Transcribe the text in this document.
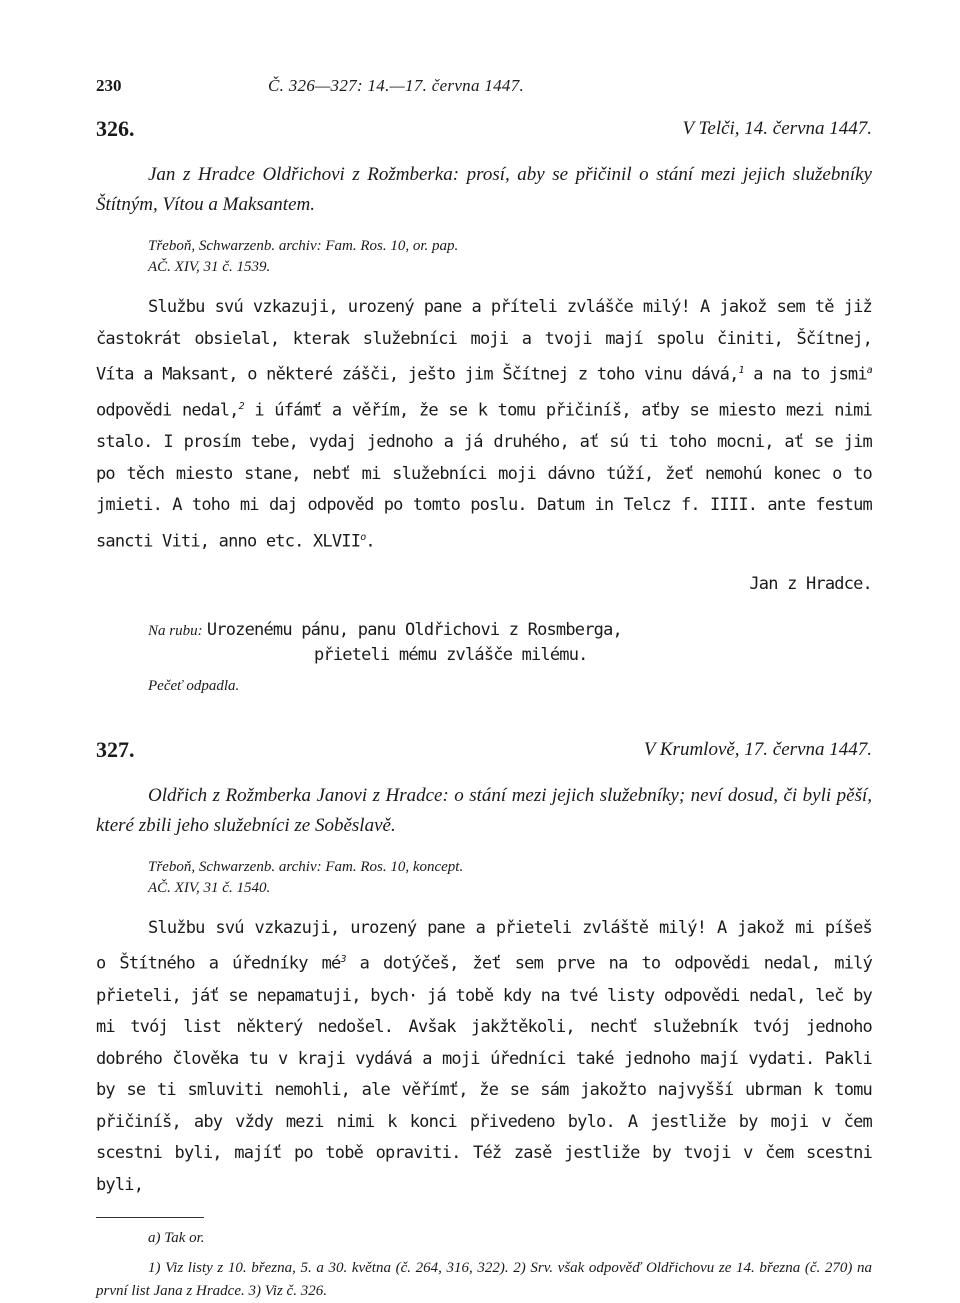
230	Č. 326—327: 14.—17. června 1447.
326.	V Telči, 14. června 1447.

Jan z Hradce Oldřichovi z Rožmberka: prosí, aby se přičinil o stání mezi jejich služebníky Štítným, Vítou a Maksantem.

Třeboň, Schwarzenb. archiv: Fam. Ros. 10, or. pap.
AČ. XIV, 31 č. 1539.

Službu svú vzkazuji, urozený pane a příteli zvlášče milý! A jakož sem tě již častokrát obsielal, kterak služebníci moji a tvoji mají spolu činiti, Ščítnej, Víta a Maksant, o některé zášči, ješto jim Ščítnej z toho vinu dává,$^1$ a na to jsmi$^a$ odpovědi nedal,$^2$ i úfámť a věřím, že se k tomu přičiníš, aťby se miesto mezi nimi stalo. I prosím tebe, vydaj jednoho a já druhého, ať sú ti toho mocni, ať se jim po těch miesto stane, nebť mi služebníci moji dávno túží, žeť nemohú konec o to jmieti. A toho mi daj odpověd po tomto poslu. Datum in Telcz f. IIII. ante festum sancti Viti, anno etc. XLVII$^o$.

Jan z Hradce.
Na rubu: Urozenému pánu, panu Oldřichovi z Rosmberga,
přieteli mému zvlášče milému.
Pečeť odpadla.
327.	V Krumlově, 17. června 1447.

Oldřich z Rožmberka Janovi z Hradce: o stání mezi jejich služebníky; neví dosud, či byli pěší, které zbili jeho služebníci ze Soběslavě.

Třeboň, Schwarzenb. archiv: Fam. Ros. 10, koncept.
AČ. XIV, 31 č. 1540.

Službu svú vzkazuji, urozený pane a přieteli zvláště milý! A jakož mi píšeš o Štítného a úředníky $mé^3$ a dotýčeš, žeť sem prve na to odpovědi nedal, milý přieteli, jáť se nepamatuji, bych· já tobě kdy na tvé listy odpovědi nedal, leč by mi tvój list některý nedošel. Avšak jakžtěkoli, nechť služebník tvój jednoho dobrého člověka tu v kraji vydává a moji úředníci také jednoho mají vydati. Pakli by se ti smluviti nemohli, ale věřímť, že se sám jakožto najvyšší ubrman k tomu přičiníš, aby vždy mezi nimi k konci přivedeno bylo. A jestliže by moji v čem scestni byli, majíť po tobě opraviti. Též zasě jestliže by tvoji v čem scestni byli,

a) Tak or.

1) Viz listy z 10. března, 5. a 30. května (č. 264, 316, 322). 2) Srv. však odpověď Oldřichovu ze 14. března (č. 270) na první list Jana z Hradce. 3) Viz č. 326.
